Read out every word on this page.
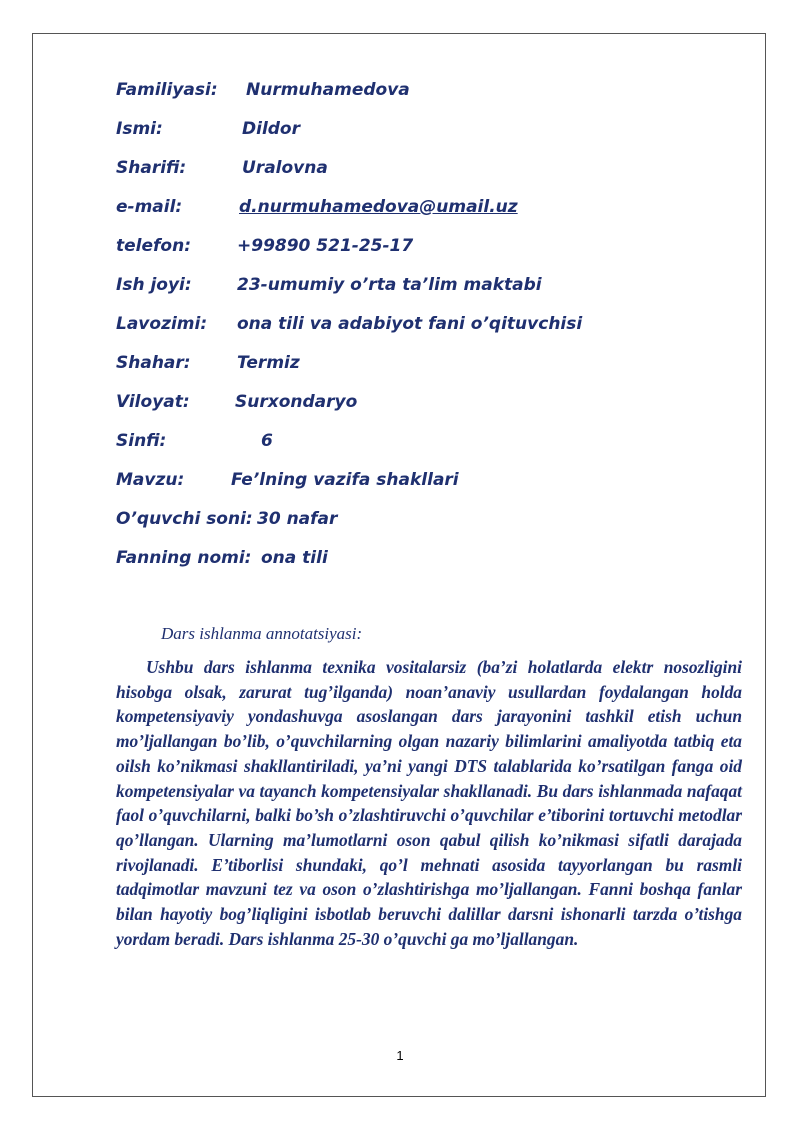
Familiyasi: Nurmuhamedova
Ismi:	Dildor
Sharifi:	Uralovna
e-mail:	d.nurmuhamedova@umail.uz
telefon:	+99890 521-25-17
Ish joyi:	23-umumiy o’rta ta’lim maktabi
Lavozimi: ona tili va adabiyot fani o’qituvchisi
Shahar:	Termiz
Viloyat:	Surxondaryo
Sinfi:	6
Mavzu:	Fe’lning vazifa shakllari
O’quvchi soni: 30 nafar
Fanning nomi: ona tili
Dars ishlanma annotatsiyasi:
Ushbu dars ishlanma texnika vositalarsiz (ba’zi holatlarda elektr nosozligini hisobga olsak, zarurat tug’ilganda) noan’anaviy usullardan foydalangan holda kompetensiyaviy yondashuvga asoslangan dars jarayonini tashkil etish uchun mo’ljallangan bo’lib, o’quvchilarning olgan nazariy bilimlarini amaliyotda tatbiq eta oilsh ko’nikmasi shakllantiriladi, ya’ni yangi DTS talablarida ko’rsatilgan fanga oid kompetensiyalar va tayanch kompetensiyalar shakllanadi. Bu dars ishlanmada nafaqat faol o’quvchilarni, balki bo’sh o’zlashtiruvchi o’quvchilar e’tiborini tortuvchi metodlar qo’llangan. Ularning ma’lumotlarni oson qabul qilish ko’nikmasi sifatli darajada rivojlanadi. E’tiborlisi shundaki, qo’l mehnati asosida tayyorlangan bu rasmli tadqimotlar mavzuni tez va oson o’zlashtirishga mo’ljallangan. Fanni boshqa fanlar bilan hayotiy bog’liqligini isbotlab beruvchi dalillar darsni ishonarli tarzda o’tishga yordam beradi. Dars ishlanma 25-30 o’quvchi ga mo’ljallangan.
1
